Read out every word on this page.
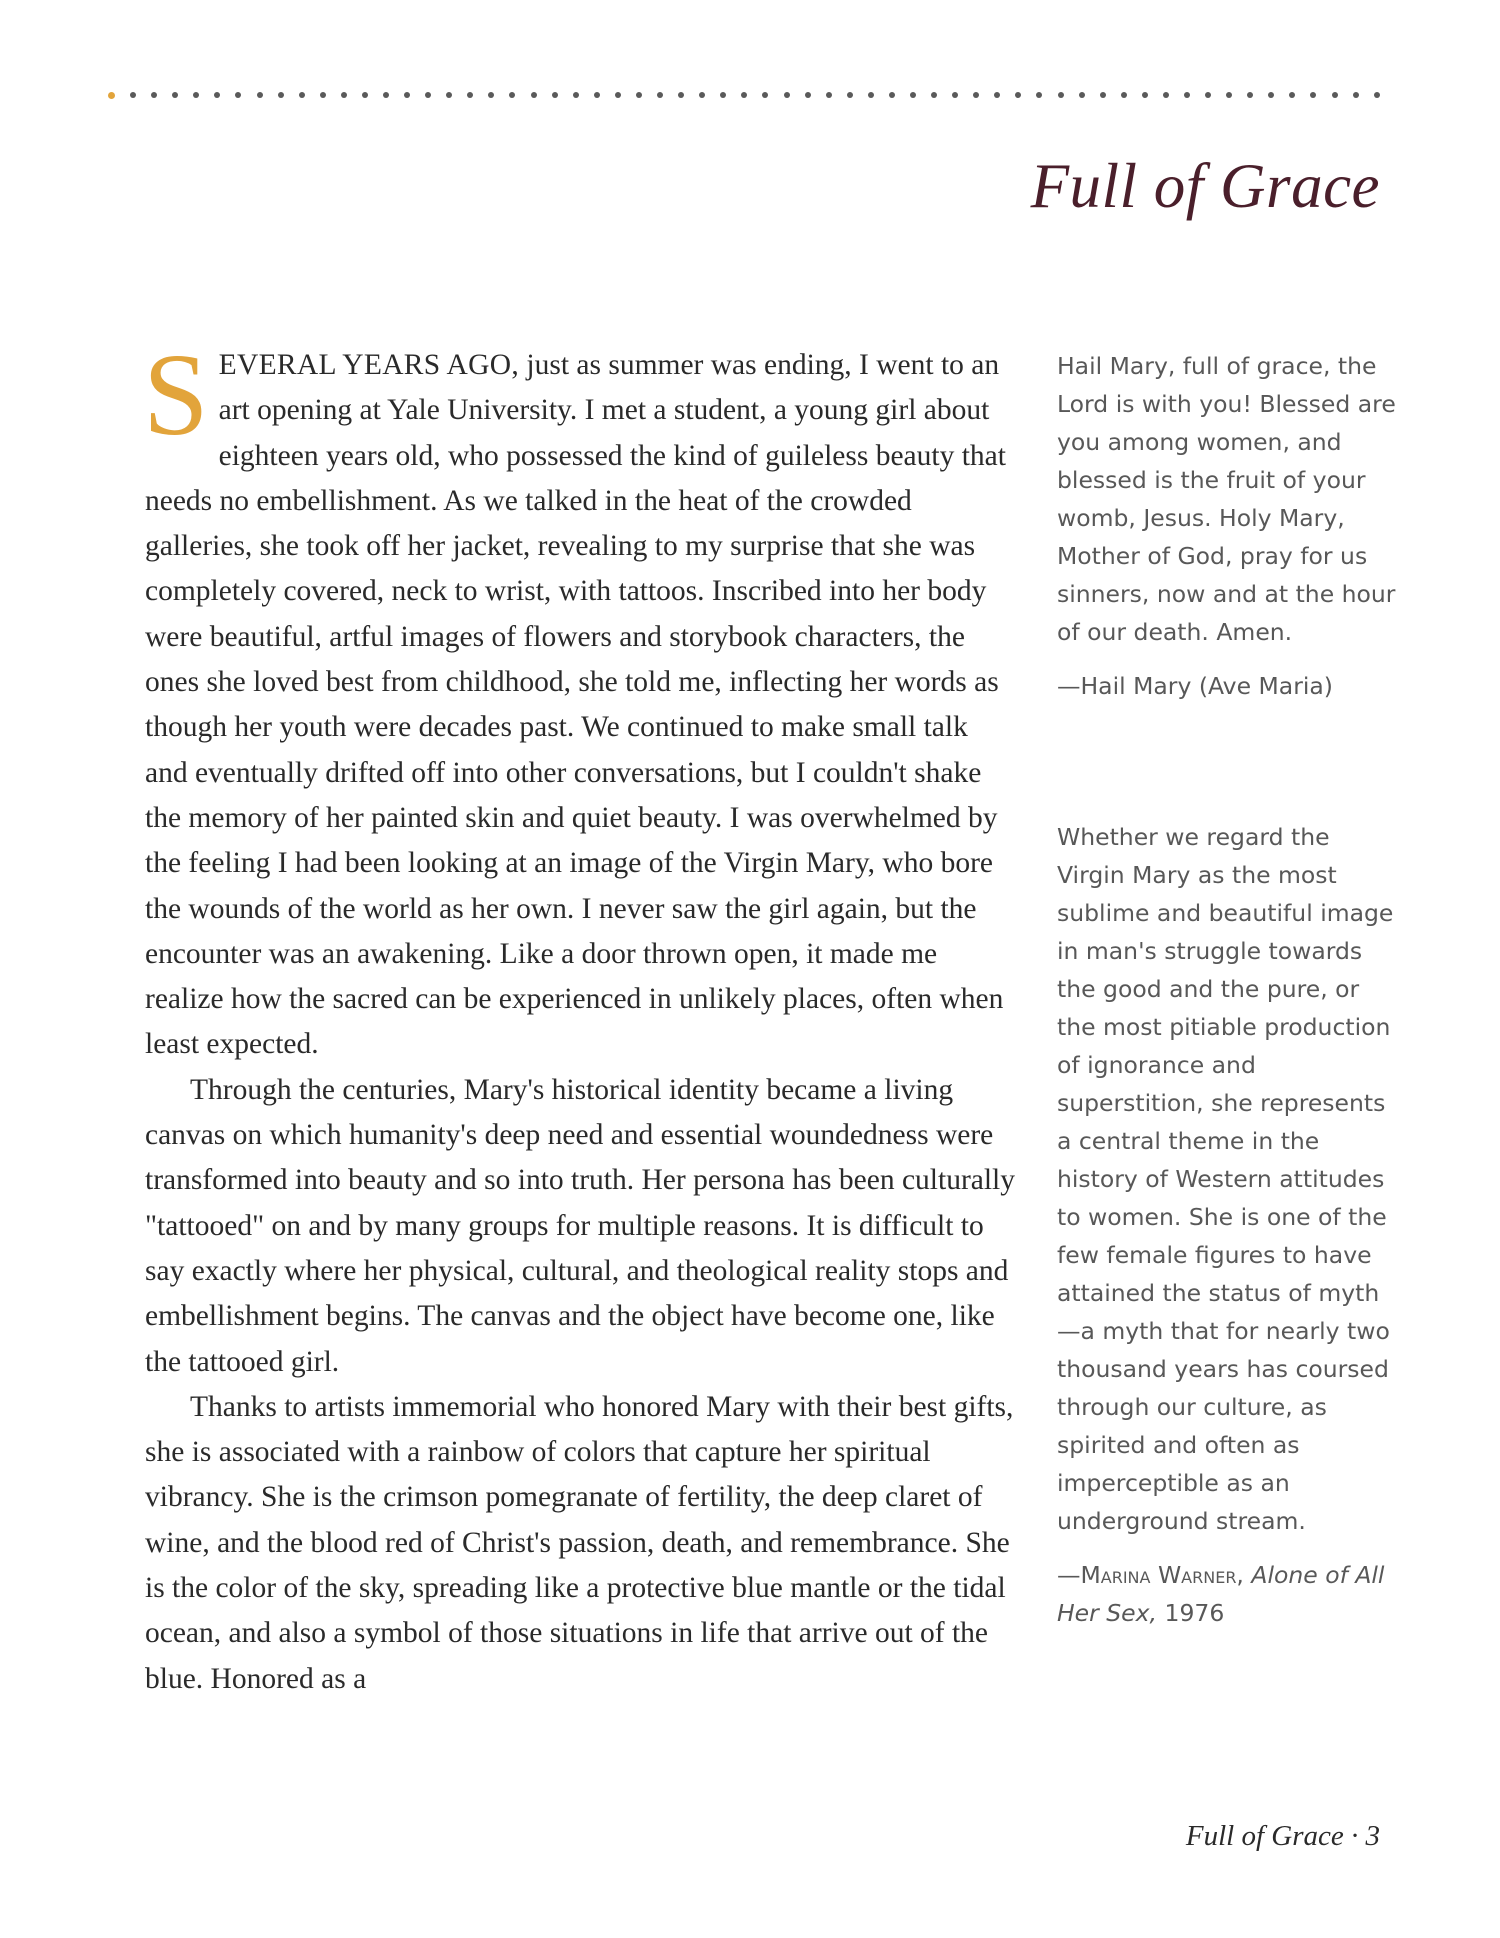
Full of Grace

SEVERAL YEARS AGO, just as summer was ending, I went to an art opening at Yale University. I met a student, a young girl about eighteen years old, who possessed the kind of guileless beauty that needs no embellishment. As we talked in the heat of the crowded galleries, she took off her jacket, revealing to my surprise that she was completely covered, neck to wrist, with tattoos. Inscribed into her body were beautiful, artful images of flowers and storybook characters, the ones she loved best from childhood, she told me, inflecting her words as though her youth were decades past. We continued to make small talk and eventually drifted off into other conversations, but I couldn't shake the memory of her painted skin and quiet beauty. I was overwhelmed by the feeling I had been looking at an image of the Virgin Mary, who bore the wounds of the world as her own. I never saw the girl again, but the encounter was an awakening. Like a door thrown open, it made me realize how the sacred can be experienced in unlikely places, often when least expected.

Through the centuries, Mary's historical identity became a living canvas on which humanity's deep need and essential woundedness were transformed into beauty and so into truth. Her persona has been culturally "tattooed" on and by many groups for multiple reasons. It is difficult to say exactly where her physical, cultural, and theological reality stops and embellishment begins. The canvas and the object have become one, like the tattooed girl.

Thanks to artists immemorial who honored Mary with their best gifts, she is associated with a rainbow of colors that capture her spiritual vibrancy. She is the crimson pomegranate of fertility, the deep claret of wine, and the blood red of Christ's passion, death, and remembrance. She is the color of the sky, spreading like a protective blue mantle or the tidal ocean, and also a symbol of those situations in life that arrive out of the blue. Honored as a

Hail Mary, full of grace, the Lord is with you! Blessed are you among women, and blessed is the fruit of your womb, Jesus. Holy Mary, Mother of God, pray for us sinners, now and at the hour of our death. Amen.

—Hail Mary (Ave Maria)

Whether we regard the Virgin Mary as the most sublime and beautiful image in man's struggle towards the good and the pure, or the most pitiable production of ignorance and superstition, she represents a central theme in the history of Western attitudes to women. She is one of the few female figures to have attained the status of myth—a myth that for nearly two thousand years has coursed through our culture, as spirited and often as imperceptible as an underground stream.

—Marina Warner, Alone of All Her Sex, 1976

Full of Grace · 3
